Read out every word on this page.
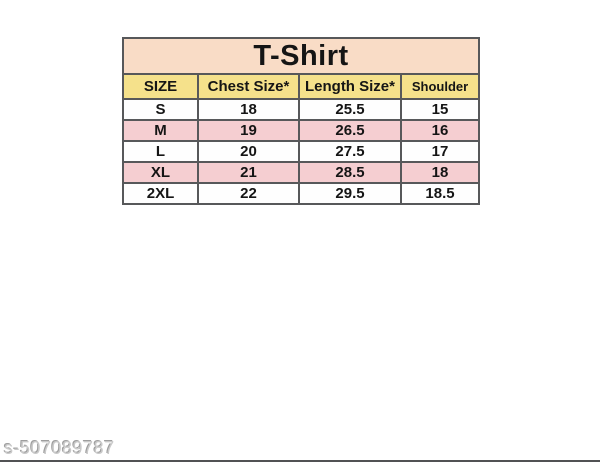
T-Shirt			
SIZE	Chest Size*	Length Size*	Shoulder
S	18	25.5	15
M	19	26.5	16
L	20	27.5	17
XL	21	28.5	18
2XL	22	29.5	18.5
s-507089787
